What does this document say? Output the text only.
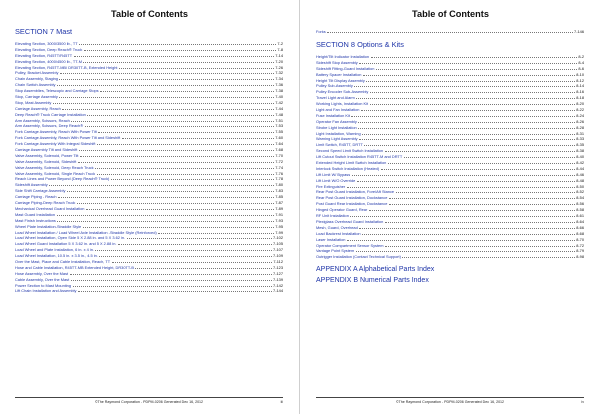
Table of Contents
SECTION 7 Mast
Elevating Section, 3000/3500 lb., TT	7-2
Elevating Section, Deep Reach® Truck	7-8
Elevating Section, R45TT/R45TT	7-14
Elevating Section, 4000/4500 lb., TT-M	7-20
Elevating Section, R45TT-MB/ DR30TT-B, Extended Height	7-26
Pulley, Bracket Assembly	7-32
Chain Assembly, Staging	7-34
Chain Switch Assembly	7-36
Stop Assemblies, Telescopic and Carriage Stops	7-38
Stop, Carriage Assembly	7-40
Stop, Mast Assembly	7-42
Carriage Assembly, Reach	7-44
Deep Reach® Truck Carriage Installation	7-48
Arm Assembly, Scissors, Reach	7-51
Arm Assembly, Scissors, Deep Reach®	7-53
Fork Carriage Assembly, Reach With Power Tilt	7-55
Fork Carriage Assembly, Reach With Power Tilt and Sideshift	7-60
Fork Carriage Assembly With Integral Sideshift	7-64
Carriage Assembly Tilt and Sideshift	7-68
Valve Assembly, Solenoid, Power Tilt	7-70
Valve Assembly, Solenoid, Sideshift	7-72
Valve Assembly, Solenoid, Deep Reach Truck	7-74
Valve Assembly, Solenoid, Single Reach Truck	7-76
Reach Lines and Power Beyond (Deep Reach® Truck)	7-78
Sideshift Assembly	7-80
Side Shift Carriage Assembly	7-83
Carriage Piping - Reach	7-85
Carriage Piping-Deep Reach Truck	7-87
Mechanical Overhead Guard Installation	7-89
Mast Guard Installation	7-91
Mast Finish Instructions	7-93
Wheel Plate Installation-Straddle Style	7-95
Load Wheel Installation / Load Wheel Axle Installation -Straddle Style (Reinforced)	7-99
Load Wheel Installation, Open Side 5 X 2.88 in. and 5 X 3.62 in.	7-102
Load Wheel Guard Installation 5 X 3.62 in. and 5 X 2.88 in.	7-105
Load Wheel and Plate Installation, 6 in. x 4 in.	7-107
Load Wheel Installation, 10.5 in. x 3.5 in., 4.5 in.	7-109
Over the Mast, Place and Cable Installation, Reach, TT	7-112
Hose and Cable Installation, R45TT-MB Extended Height, DR30TT-B	7-123
Hose Assembly, Over the Mast	7-127
Cable Assembly, Over the Mast	7-139
Power Section to Mast Mounting	7-142
Lift Chain Installation and Assembly	7-144
©The Raymond Corporation - PDPM-0206 Generated Dec 16, 2012	iii
Table of Contents
Forks	7-146
SECTION 8 Options & Kits
Height/Tilt Indicator Installation	8-2
Sideshift Stop Assembly	8-4
Sideshift Fitting-Guard Installation	8-6
Battery Spacer Installation	8-10
Height Tilt Display Assembly	8-12
Pulley Sub-Assembly	8-14
Pulley Encoder Sub-Assembly	8-16
Travel Light and Alarm	8-18
Working Lights, Installation Kit	8-20
Light and Fan Installation	8-22
Fuse Installation Kit	8-24
Operator Fan Assembly	8-26
Strobe Light Installation	8-28
Light Installation, Warning	8-31
Warning Light Assembly	8-33
Limit Switch, R45TT, DRTT	8-35
Second Speed Limit Switch Installation	8-38
Lift Cutout Switch Installation R45TT-M and DRTT	8-40
Extended Height Limit Switch Installation	8-42
Interlock Switch Installation (Heated)	8-44
Lift Limit W/ Bypass	8-46
Lift Limit W/O Override	8-48
Fire Extinguisher	8-50
Rear Post Guard Installation, Fore/Aft Stance	8-52
Rear Post Guard Installation, Dockstance	8-54
Post Guard Rear Installation, Dockstance	8-56
Hinged Operator Guard, Rear	8-58
RF Unit Installation	8-61
Plexiglass Overhead Guard Installation	8-64
Mesh, Guard, Overhead	8-66
Load Backrest Installation	8-68
Laser Installation	8-70
Operator Compartment Sensor System	8-72
Vantage Point System	8-79
Outrigger Installation (Contact Technical Support)	8-98
APPENDIX A Alphabetical Parts Index
APPENDIX B Numerical Parts Index
©The Raymond Corporation - PDPM-0206 Generated Dec 16, 2012	iv
